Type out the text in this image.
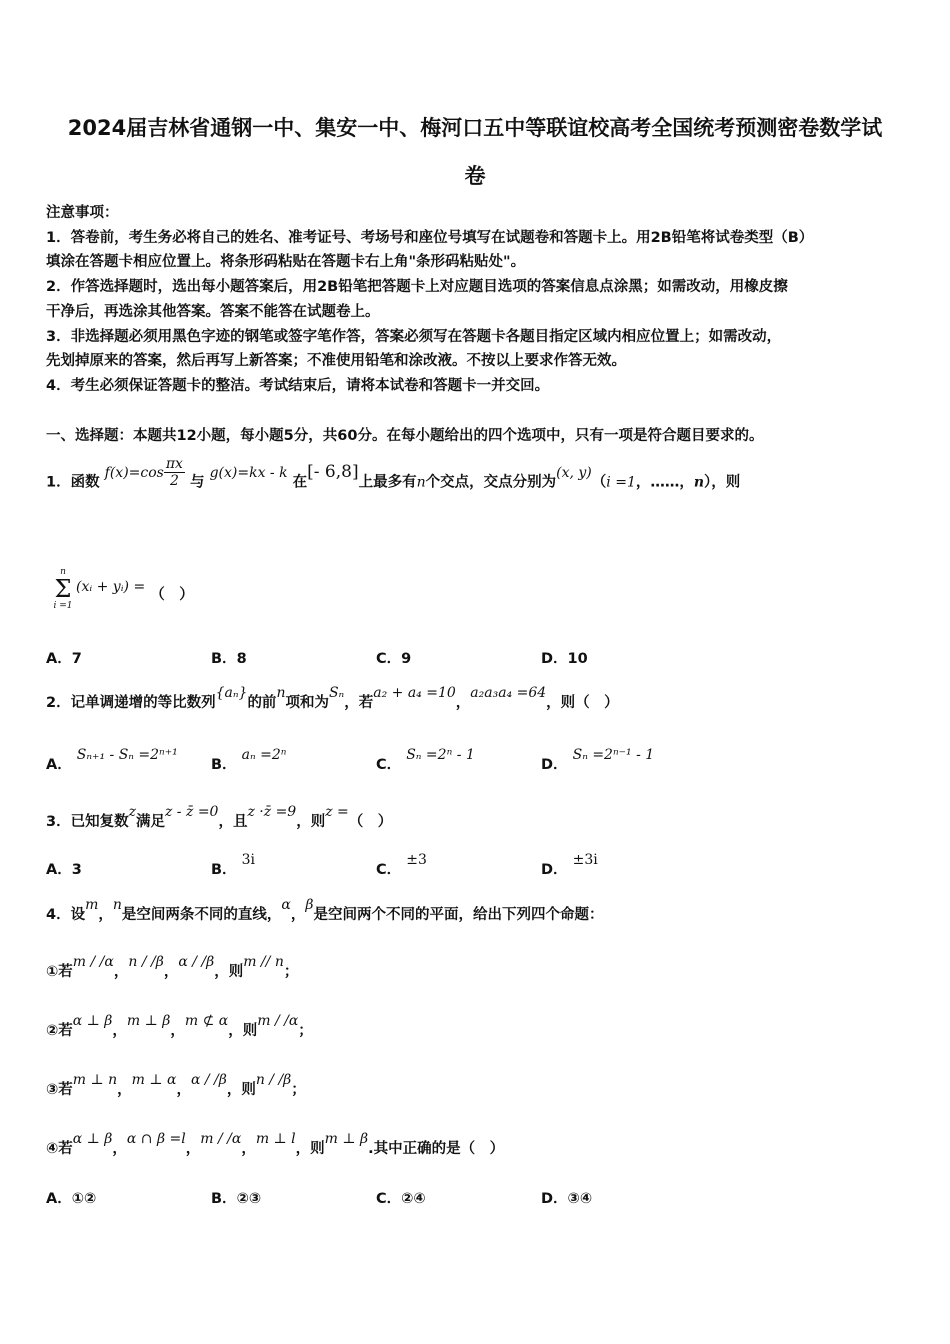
2024届吉林省通钢一中、集安一中、梅河口五中等联谊校高考全国统考预测密卷数学试
卷
注意事项：
1．答卷前，考生务必将自己的姓名、准考证号、考场号和座位号填写在试题卷和答题卡上。用2B铅笔将试卷类型（B）
填涂在答题卡相应位置上。将条形码粘贴在答题卡右上角"条形码粘贴处"。
2．作答选择题时，选出每小题答案后，用2B铅笔把答题卡上对应题目选项的答案信息点涂黑；如需改动，用橡皮擦
干净后，再选涂其他答案。答案不能答在试题卷上。
3．非选择题必须用黑色字迹的钢笔或签字笔作答，答案必须写在答题卡各题目指定区域内相应位置上；如需改动，
先划掉原来的答案，然后再写上新答案；不准使用铅笔和涂改液。不按以上要求作答无效。
4．考生必须保证答题卡的整洁。考试结束后，请将本试卷和答题卡一并交回。
一、选择题：本题共12小题，每小题5分，共60分。在每小题给出的四个选项中，只有一项是符合题目要求的。
1．函数 $f(x)=\cos \frac{\pi x}{2}$ 与 g(x)=kx - k 在[- 6,8]上最多有n个交点，交点分别为(x, y)（i =1，……，n），则
n
Σ
i =1
(xᵢ + yᵢ) = （　）
A．7	B．8	C．9	D．10
2．记单调递增的等比数列{aₙ}的前n项和为Sₙ，若a₂ + a₄ =10，a₂a₃a₄ =64，则（　）
A． Sₙ₊₁ - Sₙ =2ⁿ⁺¹
B． aₙ =2ⁿ
C． Sₙ =2ⁿ - 1
D． Sₙ =2ⁿ⁻¹ - 1
3．已知复数z满足z - z̄ =0，且z ·z̄ =9，则z =（　）
A．3	B． 3i
C． ±3
D． ±3i
4．设m，n是空间两条不同的直线，α，β是空间两个不同的平面，给出下列四个命题：
①若m / /α，n / /β，α / /β，则m // n；
②若α ⊥ β，m ⊥ β，m ⊄ α，则m / /α；
③若m ⊥ n，m ⊥ α，α / /β，则n / /β；
④若α ⊥ β，α ∩ β =l，m / /α，m ⊥ l，则m ⊥ β.其中正确的是（　）
A．①②	B．②③	C．②④	D．③④
